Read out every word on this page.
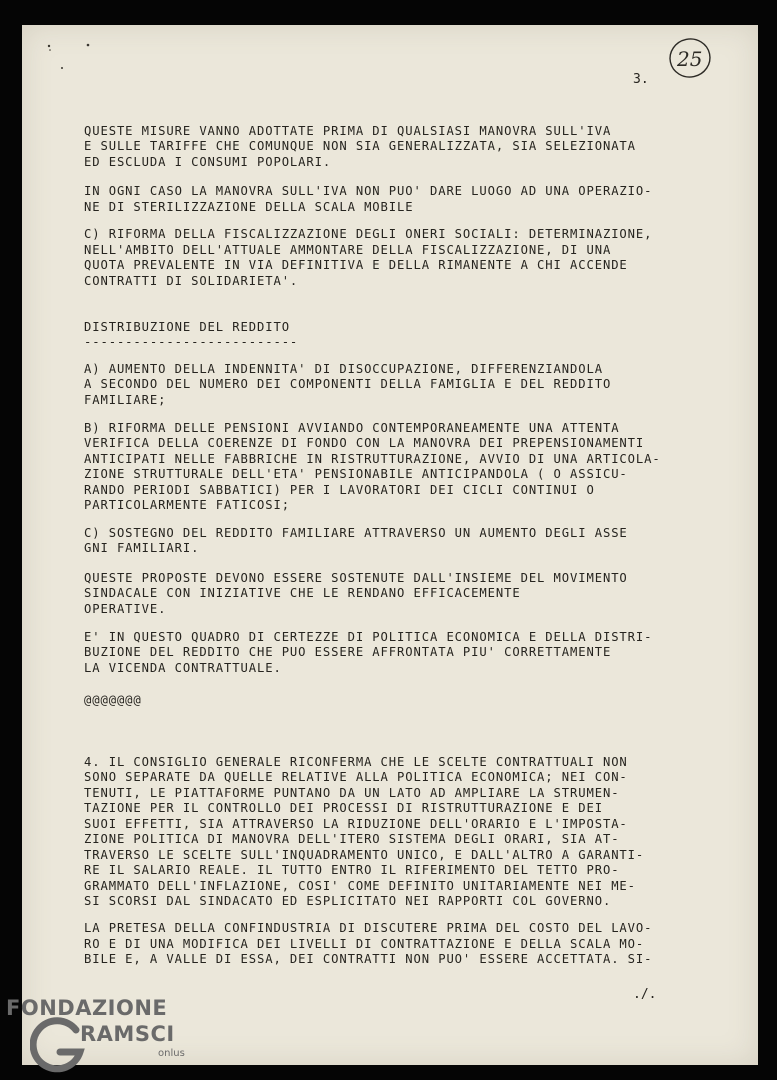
3.
25
QUESTE MISURE VANNO ADOTTATE PRIMA DI QUALSIASI MANOVRA SULL'IVA
E SULLE TARIFFE CHE COMUNQUE NON SIA GENERALIZZATA, SIA SELEZIONATA
ED ESCLUDA I CONSUMI POPOLARI.
IN OGNI CASO LA MANOVRA SULL'IVA NON PUO' DARE LUOGO AD UNA OPERAZIO-
NE DI STERILIZZAZIONE DELLA SCALA MOBILE
C) RIFORMA DELLA FISCALIZZAZIONE DEGLI ONERI SOCIALI: DETERMINAZIONE,
NELL'AMBITO DELL'ATTUALE AMMONTARE DELLA FISCALIZZAZIONE, DI UNA
QUOTA PREVALENTE IN VIA DEFINITIVA E DELLA RIMANENTE A CHI ACCENDE
CONTRATTI DI SOLIDARIETA'.
DISTRIBUZIONE DEL REDDITO
--------------------------
A) AUMENTO DELLA INDENNITA' DI DISOCCUPAZIONE, DIFFERENZIANDOLA
A SECONDO DEL NUMERO DEI COMPONENTI DELLA FAMIGLIA E DEL REDDITO
FAMILIARE;
B) RIFORMA DELLE PENSIONI AVVIANDO CONTEMPORANEAMENTE UNA ATTENTA
VERIFICA DELLA COERENZE DI FONDO CON LA MANOVRA DEI PREPENSIONAMENTI
ANTICIPATI NELLE FABBRICHE IN RISTRUTTURAZIONE, AVVIO DI UNA ARTICOLA-
ZIONE STRUTTURALE DELL'ETA' PENSIONABILE ANTICIPANDOLA ( O ASSICU-
RANDO PERIODI SABBATICI) PER I LAVORATORI DEI CICLI CONTINUI O
PARTICOLARMENTE FATICOSI;
C) SOSTEGNO DEL REDDITO FAMILIARE ATTRAVERSO UN AUMENTO DEGLI ASSE
GNI FAMILIARI.
QUESTE PROPOSTE DEVONO ESSERE SOSTENUTE DALL'INSIEME DEL MOVIMENTO
SINDACALE CON INIZIATIVE CHE LE RENDANO EFFICACEMENTE
OPERATIVE.
E' IN QUESTO QUADRO DI CERTEZZE DI POLITICA ECONOMICA E DELLA DISTRI-
BUZIONE DEL REDDITO CHE PUO ESSERE AFFRONTATA PIU' CORRETTAMENTE
LA VICENDA CONTRATTUALE.
@@@@@@@
4. IL CONSIGLIO GENERALE RICONFERMA CHE LE SCELTE CONTRATTUALI NON
SONO SEPARATE DA QUELLE RELATIVE ALLA POLITICA ECONOMICA; NEI CON-
TENUTI, LE PIATTAFORME PUNTANO DA UN LATO AD AMPLIARE LA STRUMEN-
TAZIONE PER IL CONTROLLO DEI PROCESSI DI RISTRUTTURAZIONE E DEI
SUOI EFFETTI, SIA ATTRAVERSO LA RIDUZIONE DELL'ORARIO E L'IMPOSTA-
ZIONE POLITICA DI MANOVRA DELL'ITERO SISTEMA DEGLI ORARI, SIA AT-
TRAVERSO LE SCELTE SULL'INQUADRAMENTO UNICO, E DALL'ALTRO A GARANTI-
RE IL SALARIO REALE. IL TUTTO ENTRO IL RIFERIMENTO DEL TETTO PRO-
GRAMMATO DELL'INFLAZIONE, COSI' COME DEFINITO UNITARIAMENTE NEI ME-
SI SCORSI DAL SINDACATO ED ESPLICITATO NEI RAPPORTI COL GOVERNO.
LA PRETESA DELLA CONFINDUSTRIA DI DISCUTERE PRIMA DEL COSTO DEL LAVO-
RO E DI UNA MODIFICA DEI LIVELLI DI CONTRATTAZIONE E DELLA SCALA MO-
BILE E, A VALLE DI ESSA, DEI CONTRATTI NON PUO' ESSERE ACCETTATA. SI-
./.
FONDAZIONE
RAMSCI
onlus
